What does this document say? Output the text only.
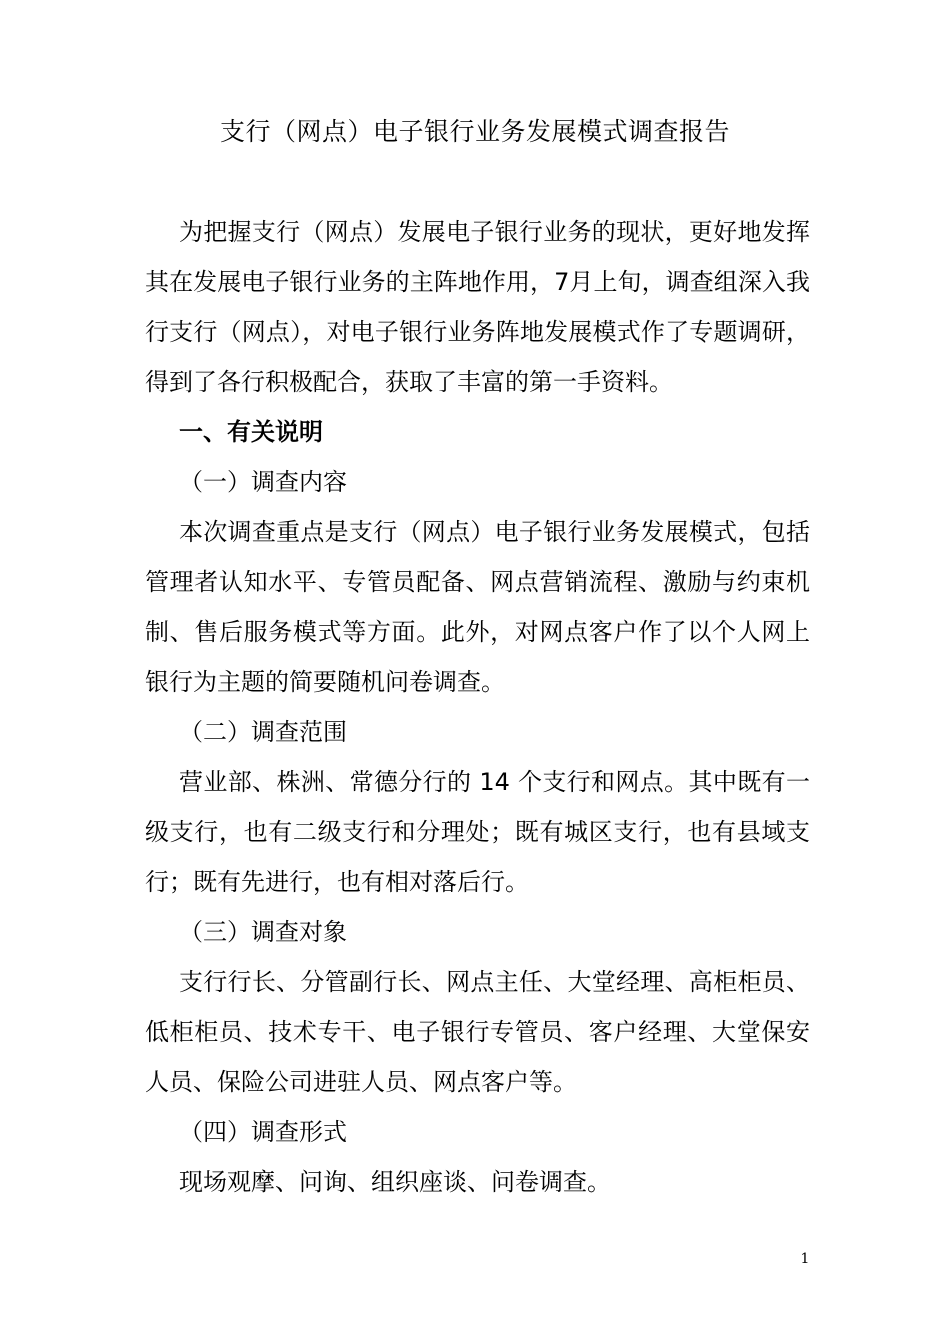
支行（网点）电子银行业务发展模式调查报告

为把握支行（网点）发展电子银行业务的现状，更好地发挥其在发展电子银行业务的主阵地作用，7月上旬，调查组深入我行支行（网点），对电子银行业务阵地发展模式作了专题调研，得到了各行积极配合，获取了丰富的第一手资料。

一、有关说明

（一）调查内容

本次调查重点是支行（网点）电子银行业务发展模式，包括管理者认知水平、专管员配备、网点营销流程、激励与约束机制、售后服务模式等方面。此外，对网点客户作了以个人网上银行为主题的简要随机问卷调查。

（二）调查范围

营业部、株洲、常德分行的 14 个支行和网点。其中既有一级支行，也有二级支行和分理处；既有城区支行，也有县域支行；既有先进行，也有相对落后行。

（三）调查对象

支行行长、分管副行长、网点主任、大堂经理、高柜柜员、低柜柜员、技术专干、电子银行专管员、客户经理、大堂保安人员、保险公司进驻人员、网点客户等。

（四）调查形式

现场观摩、问询、组织座谈、问卷调查。

1
